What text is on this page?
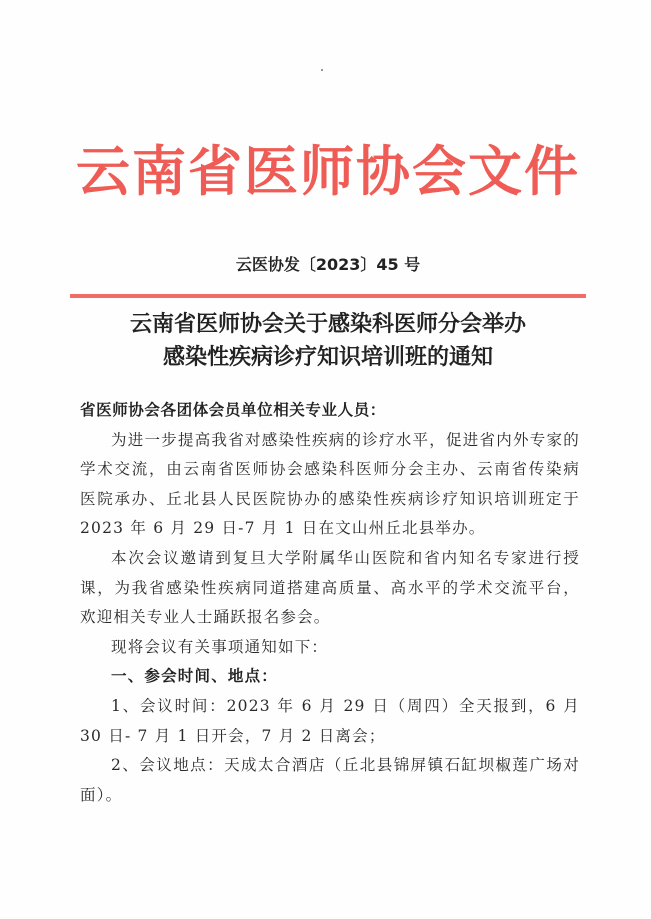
云南省医师协会文件
云医协发〔2023〕45 号
云南省医师协会关于感染科医师分会举办
感染性疾病诊疗知识培训班的通知

省医师协会各团体会员单位相关专业人员：

为进一步提高我省对感染性疾病的诊疗水平，促进省内外专家的学术交流，由云南省医师协会感染科医师分会主办、云南省传染病医院承办、丘北县人民医院协办的感染性疾病诊疗知识培训班定于 2023 年 6 月 29 日-7 月 1 日在文山州丘北县举办。

本次会议邀请到复旦大学附属华山医院和省内知名专家进行授课，为我省感染性疾病同道搭建高质量、高水平的学术交流平台，欢迎相关专业人士踊跃报名参会。

现将会议有关事项通知如下：

一、参会时间、地点：

1、会议时间：2023 年 6 月 29 日（周四）全天报到，6 月 30 日- 7 月 1 日开会，7 月 2 日离会；

2、会议地点：天成太合酒店（丘北县锦屏镇石缸坝椒莲广场对面）。
